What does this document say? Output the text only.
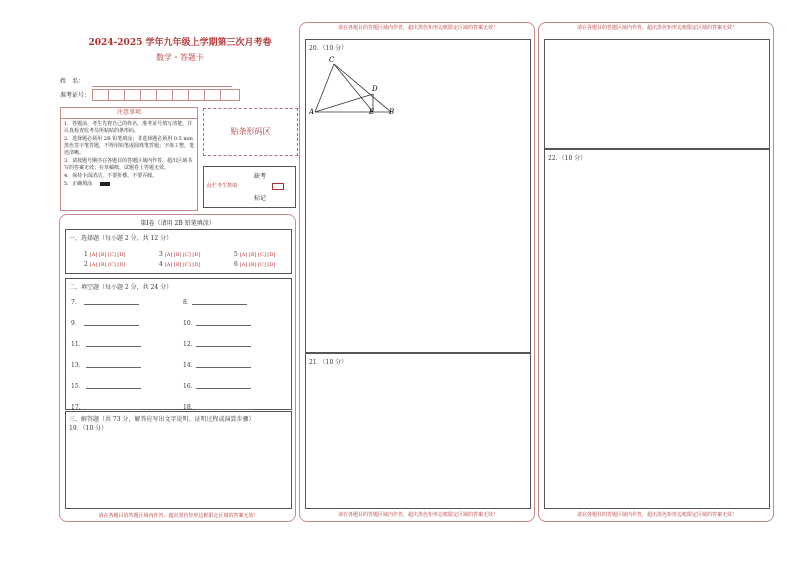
2024-2025 学年九年级上学期第三次月考卷
数学・答题卡
姓　名：
准考证号：
注意事项
1．答题前，考生先将自己的姓名，准考证号填写清楚，并认真检查监考员所粘贴的条形码。
2．选择题必须用 2B 铅笔填涂；非选择题必须用 0.5 mm 黑色签字笔答题，不得用铅笔或圆珠笔答题；字体工整，笔迹清晰。
3．请按题号顺序在各题目的答题区域内作答，超出区域书写的答案无效；在草稿纸、试题卷上答题无效。
4．保持卡面清洁，不要折叠、不要弄破。
5．正确填涂
贴条形码区
缺考
此栏考生禁填
标记
第Ⅰ卷（请用 2B 铅笔填涂）
一、选择题（每小题 2 分，共 12 分）
1 [A] [B] [C] [D]
2 [A] [B] [C] [D]
3 [A] [B] [C] [D]
4 [A] [B] [C] [D]
5 [A] [B] [C] [D]
6 [A] [B] [C] [D]
二、填空题（每小题 2 分，共 24 分）
7．
9．
11．
13．
15．
17．
8．
10．
12．
14．
16．
18．
三、解答题（共 73 分，解答应写出文字说明、证明过程或演算步骤）
19．（10 分）
请在各题目的答题区域内作答，超出黑色矩形边框限定区域的答案无效！
请在各题目的答题区域内作答，超出黑色矩形边框限定区域的答案无效！
20．（10 分）
C
D
A	E B
21．（10 分）
请在各题目的答题区域内作答，超出黑色矩形边框限定区域的答案无效！
请在各题目的答题区域内作答，超出黑色矩形边框限定区域的答案无效！
22．（10 分）
请在各题目的答题区域内作答，超出黑色矩形边框限定区域的答案无效！
